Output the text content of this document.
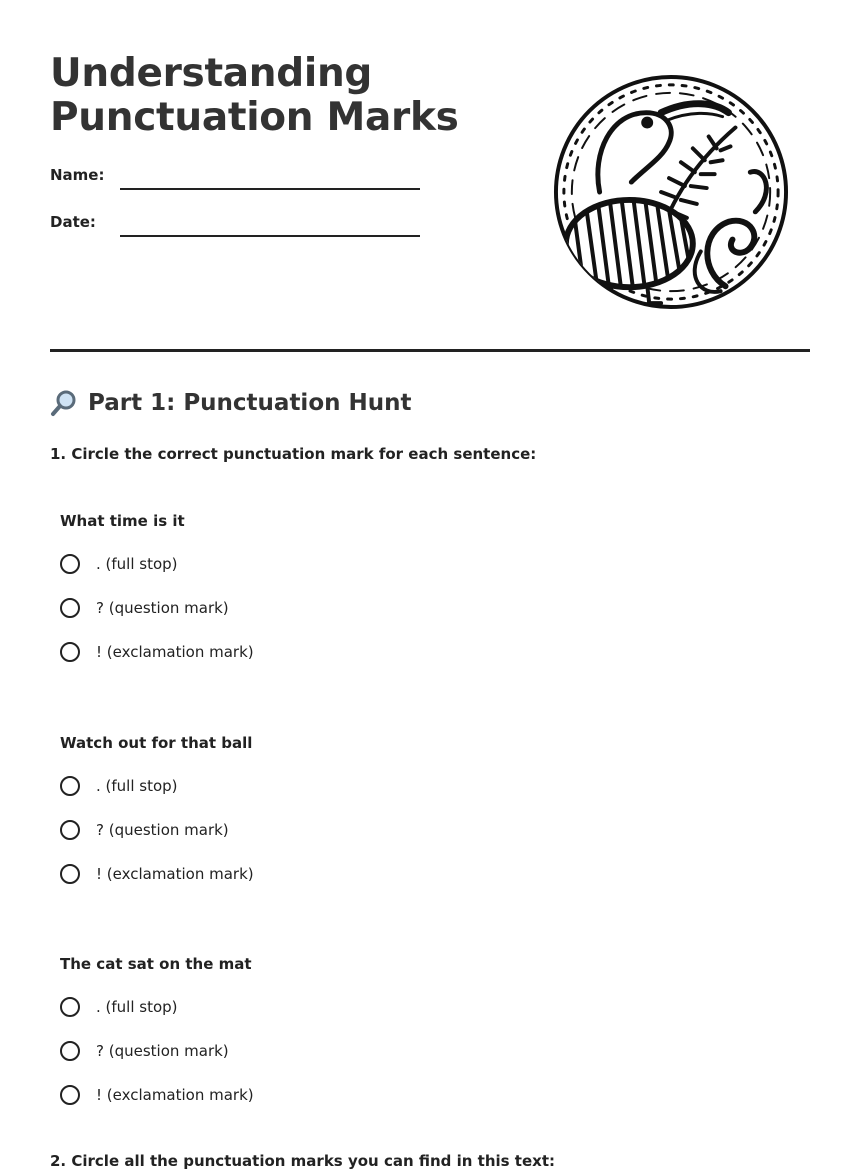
Understanding
Punctuation Marks
Name:
Date:
Part 1: Punctuation Hunt

1. Circle the correct punctuation mark for each sentence:

What time is it
. (full stop)
? (question mark)
! (exclamation mark)
Watch out for that ball
. (full stop)
? (question mark)
! (exclamation mark)
The cat sat on the mat
. (full stop)
? (question mark)
! (exclamation mark)

2. Circle all the punctuation marks you can find in this text:
